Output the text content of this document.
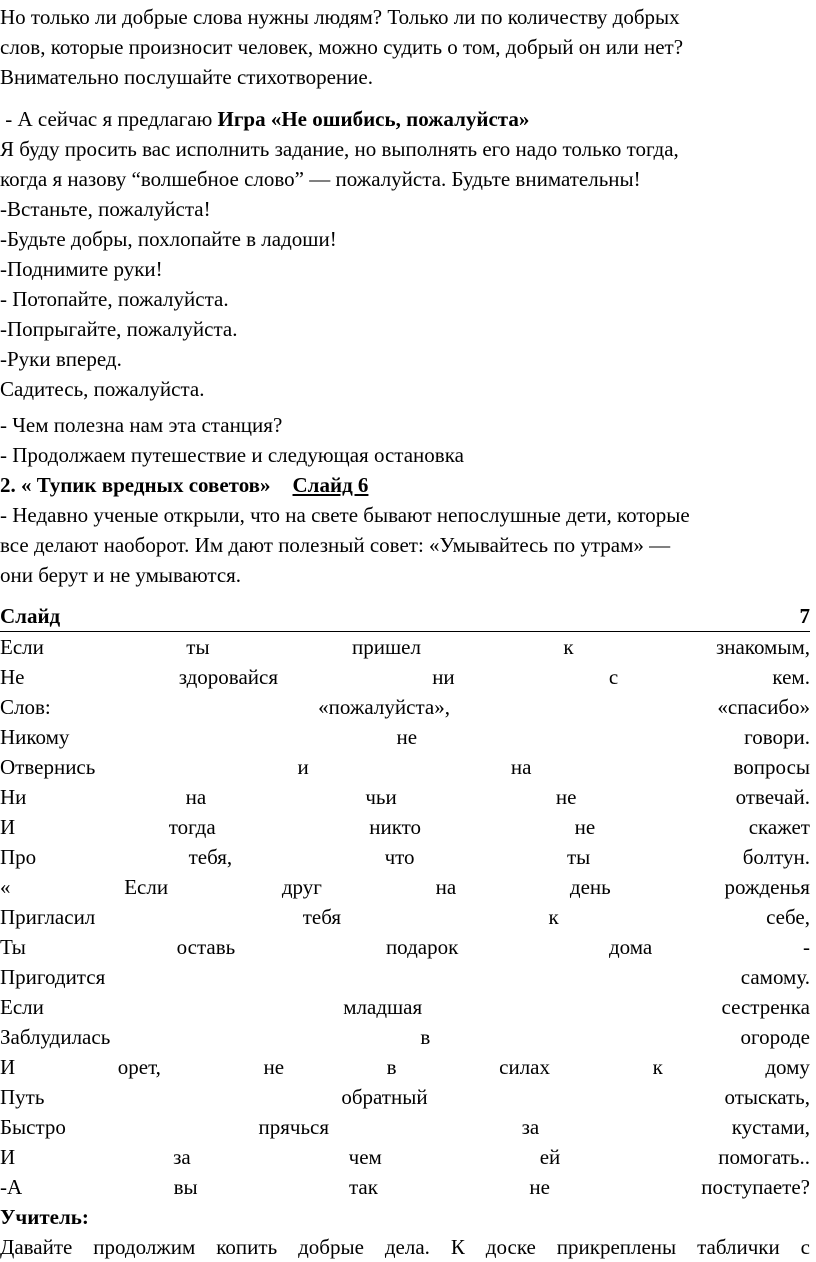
Но только ли добрые слова нужны людям? Только ли по количеству добрых
слов, которые произносит человек, можно судить о том, добрый он или нет?
Внимательно послушайте стихотворение.
- А сейчас я предлагаю Игра «Не ошибись, пожалуйста»
Я буду просить вас исполнить задание, но выполнять его надо только тогда,
когда я назову “волшебное слово” — пожалуйста. Будьте внимательны!
-Встаньте, пожалуйста!
-Будьте добры, похлопайте в ладоши!
-Поднимите руки!
- Потопайте, пожалуйста.
-Попрыгайте, пожалуйста.
-Руки вперед.
Садитесь, пожалуйста.
- Чем полезна нам эта станция?
- Продолжаем путешествие и следующая остановка
2. « Тупик вредных советов» Слайд 6
- Недавно ученые открыли, что на свете бывают непослушные дети, которые
все делают наоборот. Им дают полезный совет: «Умывайтесь по утрам» —
они берут и не умываются.
Слайд	7
Если	ты	пришел	к	знакомым,
Не	здоровайся	ни	с	кем.
Слов:	«пожалуйста»,	«спасибо»
Никому	не	говори.
Отвернись	и	на	вопросы
Ни	на	чьи	не	отвечай.
И	тогда	никто	не	скажет
Про	тебя,	что	ты	болтун.
«	Если	друг	на	день	рожденья
Пригласил	тебя	к	себе,
Ты	оставь	подарок	дома	-
Пригодится	самому.
Если	младшая	сестренка
Заблудилась	в	огороде
И	орет,	не	в	силах	к	дому
Путь	обратный	отыскать,
Быстро	прячься	за	кустами,
И	за	чем	ей	помогать..
-А	вы	так	не	поступаете?
Учитель:
Давайте продолжим копить добрые дела. К доске прикреплены таблички с
